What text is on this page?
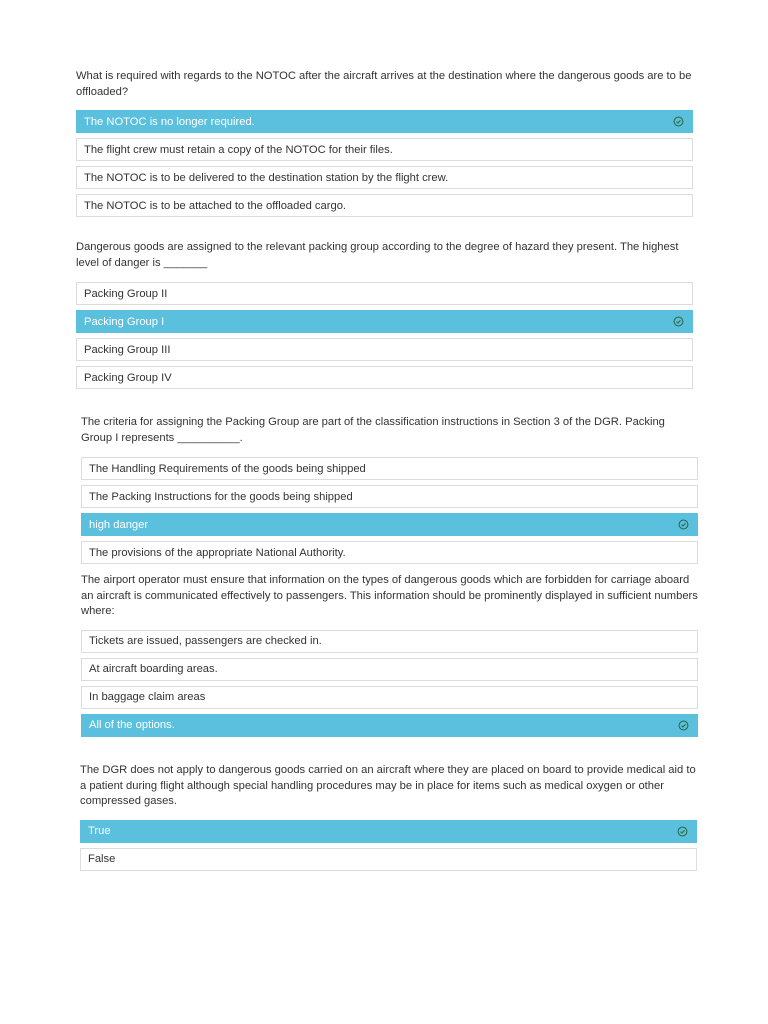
What is required with regards to the NOTOC after the aircraft arrives at the destination where the dangerous goods are to be offloaded?

The NOTOC is no longer required.
The flight crew must retain a copy of the NOTOC for their files.
The NOTOC is to be delivered to the destination station by the flight crew.
The NOTOC is to be attached to the offloaded cargo.

Dangerous goods are assigned to the relevant packing group according to the degree of hazard they present. The highest level of danger is _______

Packing Group II
Packing Group I
Packing Group III
Packing Group IV

The criteria for assigning the Packing Group are part of the classification instructions in Section 3 of the DGR. Packing Group I represents __________.

The Handling Requirements of the goods being shipped
The Packing Instructions for the goods being shipped
high danger
The provisions of the appropriate National Authority.

The airport operator must ensure that information on the types of dangerous goods which are forbidden for carriage aboard an aircraft is communicated effectively to passengers. This information should be prominently displayed in sufficient numbers where:

Tickets are issued, passengers are checked in.
At aircraft boarding areas.
In baggage claim areas
All of the options.

The DGR does not apply to dangerous goods carried on an aircraft where they are placed on board to provide medical aid to a patient during flight although special handling procedures may be in place for items such as medical oxygen or other compressed gases.

True
False
